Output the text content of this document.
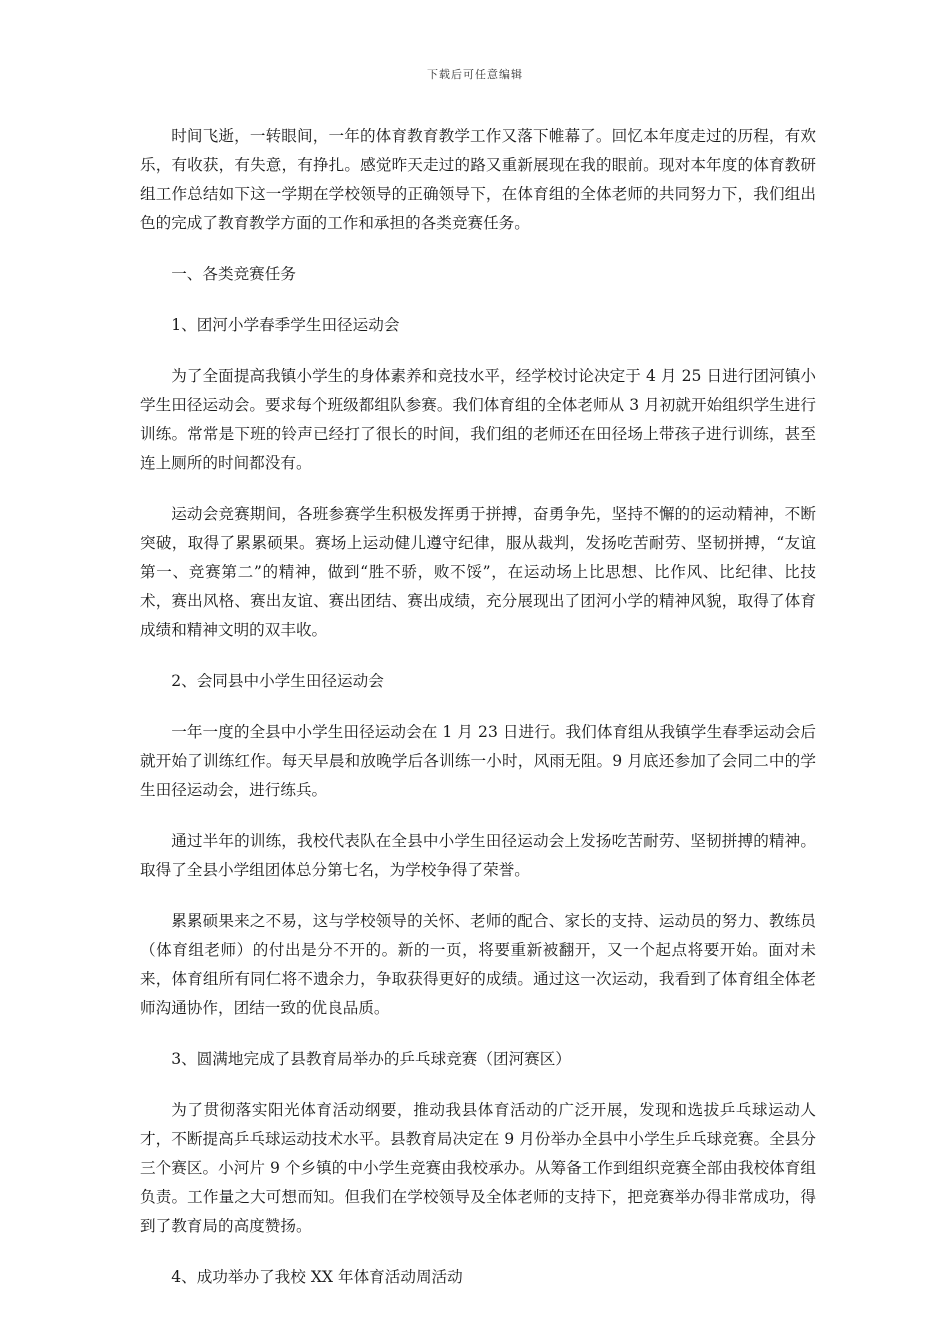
下载后可任意编辑

时间飞逝，一转眼间，一年的体育教育教学工作又落下帷幕了。回忆本年度走过的历程，有欢乐，有收获，有失意，有挣扎。感觉昨天走过的路又重新展现在我的眼前。现对本年度的体育教研组工作总结如下这一学期在学校领导的正确领导下，在体育组的全体老师的共同努力下，我们组出色的完成了教育教学方面的工作和承担的各类竞赛任务。

一、各类竞赛任务

1、团河小学春季学生田径运动会

为了全面提高我镇小学生的身体素养和竞技水平，经学校讨论决定于 4 月 25 日进行团河镇小学生田径运动会。要求每个班级都组队参赛。我们体育组的全体老师从 3 月初就开始组织学生进行训练。常常是下班的铃声已经打了很长的时间，我们组的老师还在田径场上带孩子进行训练，甚至连上厕所的时间都没有。

运动会竞赛期间，各班参赛学生积极发挥勇于拼搏，奋勇争先，坚持不懈的的运动精神，不断突破，取得了累累硕果。赛场上运动健儿遵守纪律，服从裁判，发扬吃苦耐劳、坚韧拼搏，“友谊第一、竞赛第二”的精神，做到“胜不骄，败不馁”，在运动场上比思想、比作风、比纪律、比技术，赛出风格、赛出友谊、赛出团结、赛出成绩，充分展现出了团河小学的精神风貌，取得了体育成绩和精神文明的双丰收。

2、会同县中小学生田径运动会

一年一度的全县中小学生田径运动会在 1 月 23 日进行。我们体育组从我镇学生春季运动会后就开始了训练红作。每天早晨和放晚学后各训练一小时，风雨无阻。9 月底还参加了会同二中的学生田径运动会，进行练兵。

通过半年的训练，我校代表队在全县中小学生田径运动会上发扬吃苦耐劳、坚韧拼搏的精神。取得了全县小学组团体总分第七名，为学校争得了荣誉。

累累硕果来之不易，这与学校领导的关怀、老师的配合、家长的支持、运动员的努力、教练员（体育组老师）的付出是分不开的。新的一页，将要重新被翻开，又一个起点将要开始。面对未来，体育组所有同仁将不遗余力，争取获得更好的成绩。通过这一次运动，我看到了体育组全体老师沟通协作，团结一致的优良品质。

3、圆满地完成了县教育局举办的乒乓球竞赛（团河赛区）

为了贯彻落实阳光体育活动纲要，推动我县体育活动的广泛开展，发现和选拔乒乓球运动人才，不断提高乒乓球运动技术水平。县教育局决定在 9 月份举办全县中小学生乒乓球竞赛。全县分三个赛区。小河片 9 个乡镇的中小学生竞赛由我校承办。从筹备工作到组织竞赛全部由我校体育组负责。工作量之大可想而知。但我们在学校领导及全体老师的支持下，把竞赛举办得非常成功，得到了教育局的高度赞扬。

4、成功举办了我校 XX 年体育活动周活动
